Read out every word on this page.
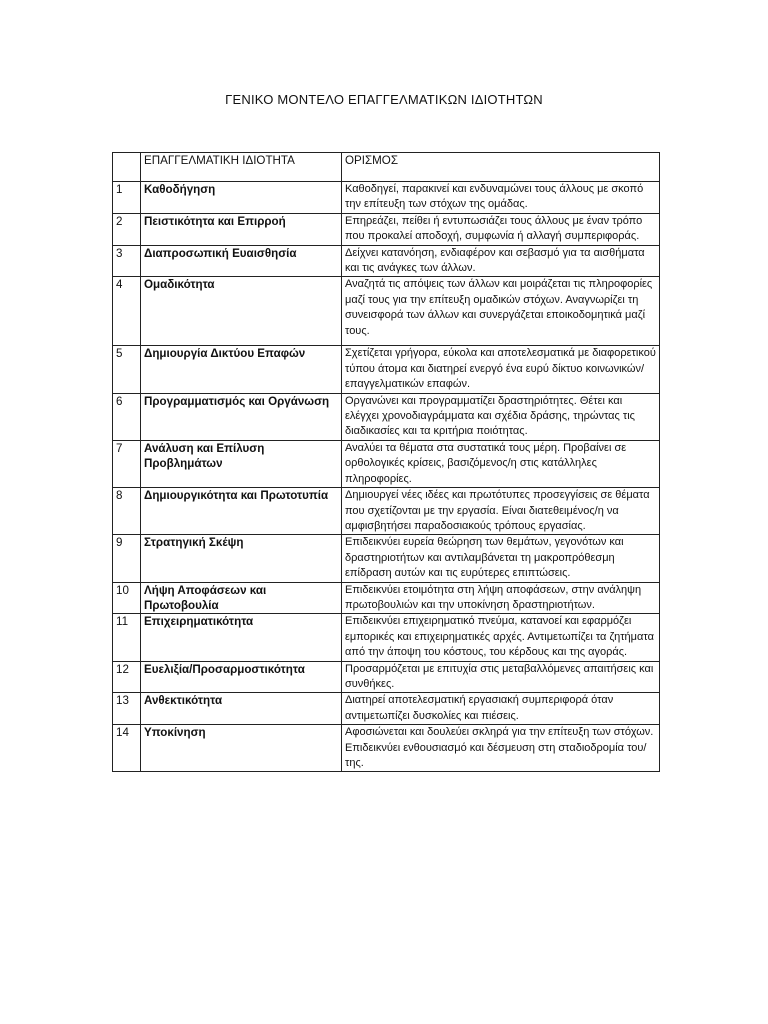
ΓΕΝΙΚΟ ΜΟΝΤΕΛΟ ΕΠΑΓΓΕΛΜΑΤΙΚΩΝ ΙΔΙΟΤΗΤΩΝ
	ΕΠΑΓΓΕΛΜΑΤΙΚΗ ΙΔΙΟΤΗΤΑ	ΟΡΙΣΜΟΣ
1	Καθοδήγηση	Καθοδηγεί, παρακινεί και ενδυναμώνει τους άλλους με σκοπό την επίτευξη των στόχων της ομάδας.
2	Πειστικότητα και Επιρροή	Επηρεάζει, πείθει ή εντυπωσιάζει τους άλλους με έναν τρόπο που προκαλεί αποδοχή, συμφωνία ή αλλαγή συμπεριφοράς.
3	Διαπροσωπική Ευαισθησία	Δείχνει κατανόηση, ενδιαφέρον και σεβασμό για τα αισθήματα και τις ανάγκες των άλλων.
4	Ομαδικότητα	Αναζητά τις απόψεις των άλλων και μοιράζεται τις πληροφορίες μαζί τους για την επίτευξη ομαδικών στόχων. Αναγνωρίζει τη συνεισφορά των άλλων και συνεργάζεται εποικοδομητικά μαζί τους.
5	Δημιουργία Δικτύου Επαφών	Σχετίζεται γρήγορα, εύκολα και αποτελεσματικά με διαφορετικού τύπου άτομα και διατηρεί ενεργό ένα ευρύ δίκτυο κοινωνικών/επαγγελματικών επαφών.
6	Προγραμματισμός και Οργάνωση	Οργανώνει και προγραμματίζει δραστηριότητες. Θέτει και ελέγχει χρονοδιαγράμματα και σχέδια δράσης, τηρώντας τις διαδικασίες και τα κριτήρια ποιότητας.
7	Ανάλυση και Επίλυση Προβλημάτων	Αναλύει τα θέματα στα συστατικά τους μέρη. Προβαίνει σε ορθολογικές κρίσεις, βασιζόμενος/η στις κατάλληλες πληροφορίες.
8	Δημιουργικότητα και Πρωτοτυπία	Δημιουργεί νέες ιδέες και πρωτότυπες προσεγγίσεις σε θέματα που σχετίζονται με την εργασία. Είναι διατεθειμένος/η να αμφισβητήσει παραδοσιακούς τρόπους εργασίας.
9	Στρατηγική Σκέψη	Επιδεικνύει ευρεία θεώρηση των θεμάτων, γεγονότων και δραστηριοτήτων και αντιλαμβάνεται τη μακροπρόθεσμη επίδραση αυτών και τις ευρύτερες επιπτώσεις.
10	Λήψη Αποφάσεων και Πρωτοβουλία	Επιδεικνύει ετοιμότητα στη λήψη αποφάσεων, στην ανάληψη πρωτοβουλιών και την υποκίνηση δραστηριοτήτων.
11	Επιχειρηματικότητα	Επιδεικνύει επιχειρηματικό πνεύμα, κατανοεί και εφαρμόζει εμπορικές και επιχειρηματικές αρχές. Αντιμετωπίζει τα ζητήματα από την άποψη του κόστους, του κέρδους και της αγοράς.
12	Ευελιξία/Προσαρμοστικότητα	Προσαρμόζεται με επιτυχία στις μεταβαλλόμενες απαιτήσεις και συνθήκες.
13	Ανθεκτικότητα	Διατηρεί αποτελεσματική εργασιακή συμπεριφορά όταν αντιμετωπίζει δυσκολίες και πιέσεις.
14	Υποκίνηση	Αφοσιώνεται και δουλεύει σκληρά για την επίτευξη των στόχων. Επιδεικνύει ενθουσιασμό και δέσμευση στη σταδιοδρομία του/της.
